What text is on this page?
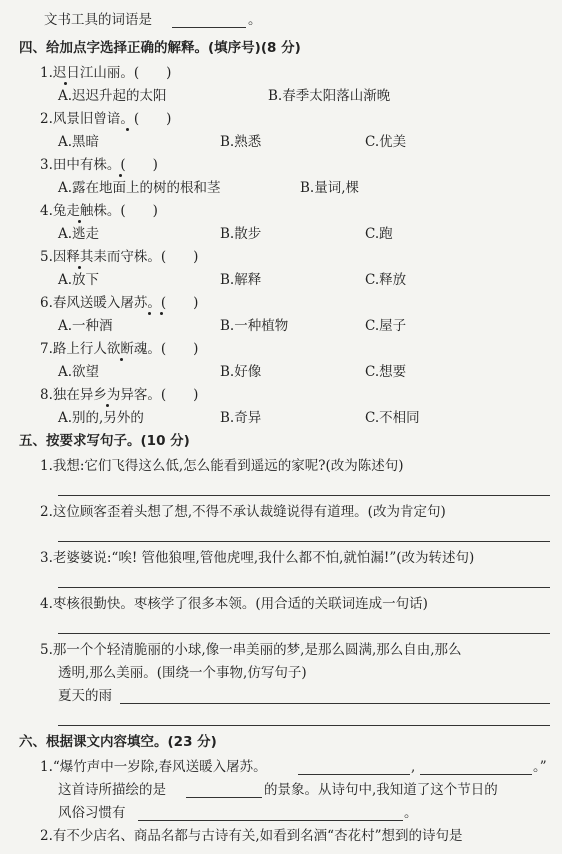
文书工具的词语是	。
四、给加点字选择正确的解释。(填序号)(8 分)
1.迟日江山丽。(　　)
A.迟迟升起的太阳	B.春季太阳落山渐晚
2.风景旧曾谙。(　　)
A.黑暗	B.熟悉	C.优美
3.田中有株。(　　)
A.露在地面上的树的根和茎	B.量词,棵
4.兔走触株。(　　)
A.逃走	B.散步	C.跑
5.因释其耒而守株。(　　)
A.放下	B.解释	C.释放
6.春风送暖入屠苏。(　　)
A.一种酒	B.一种植物	C.屋子
7.路上行人欲断魂。(　　)
A.欲望	B.好像	C.想要
8.独在异乡为异客。(　　)
A.别的,另外的	B.奇异	C.不相同
五、按要求写句子。(10 分)
1.我想:它们飞得这么低,怎么能看到遥远的家呢?(改为陈述句)
2.这位顾客歪着头想了想,不得不承认裁缝说得有道理。(改为肯定句)
3.老婆婆说:“唉! 管他狼哩,管他虎哩,我什么都不怕,就怕漏!”(改为转述句)
4.枣核很勤快。枣核学了很多本领。(用合适的关联词连成一句话)
5.那一个个轻清脆丽的小球,像一串美丽的梦,是那么圆满,那么自由,那么
透明,那么美丽。(围绕一个事物,仿写句子)
夏天的雨
六、根据课文内容填空。(23 分)
1.“爆竹声中一岁除,春风送暖入屠苏。	,	。”
这首诗所描绘的是	的景象。从诗句中,我知道了这个节日的
风俗习惯有	。
2.有不少店名、商品名都与古诗有关,如看到名酒“杏花村”想到的诗句是
